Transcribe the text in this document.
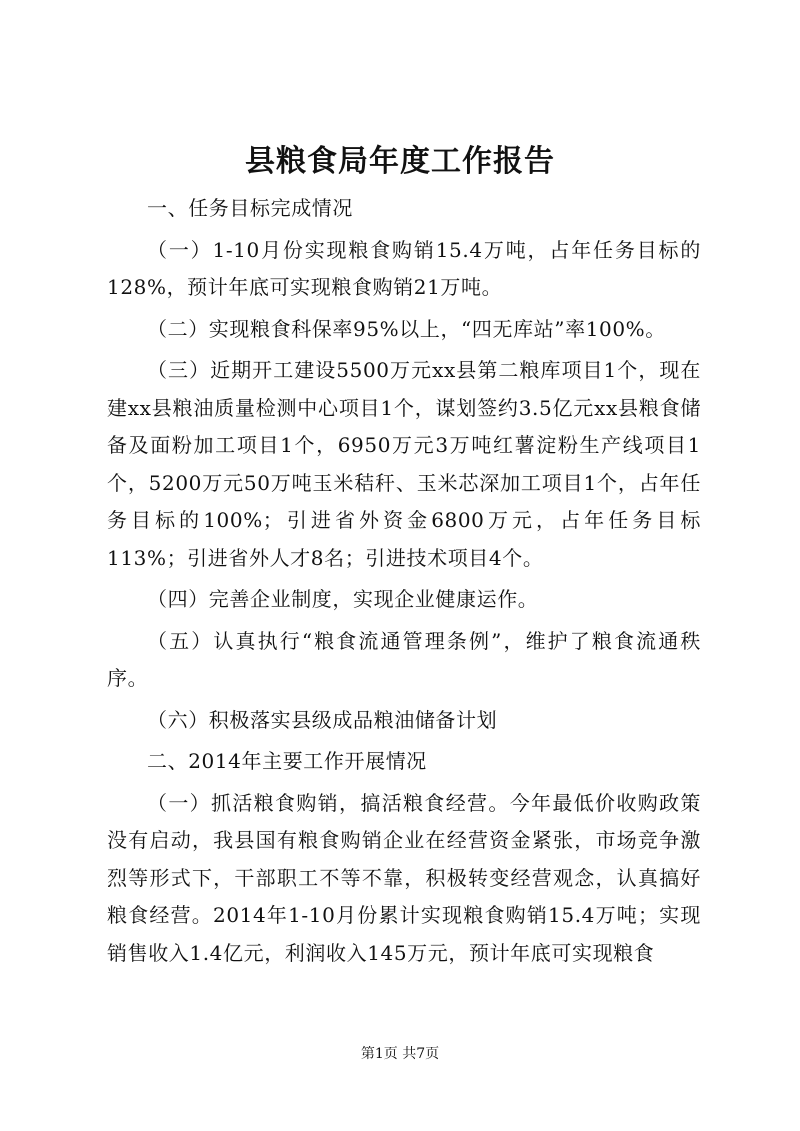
县粮食局年度工作报告

一、任务目标完成情况

（一）1-10月份实现粮食购销15.4万吨，占年任务目标的128%，预计年底可实现粮食购销21万吨。

（二）实现粮食科保率95%以上，“四无库站”率100%。

（三）近期开工建设5500万元xx县第二粮库项目1个，现在建xx县粮油质量检测中心项目1个，谋划签约3.5亿元xx县粮食储备及面粉加工项目1个，6950万元3万吨红薯淀粉生产线项目1个，5200万元50万吨玉米秸秆、玉米芯深加工项目1个，占年任务目标的100%；引进省外资金6800万元，占年任务目标113%；引进省外人才8名；引进技术项目4个。

（四）完善企业制度，实现企业健康运作。

（五）认真执行“粮食流通管理条例”，维护了粮食流通秩序。

（六）积极落实县级成品粮油储备计划

二、2014年主要工作开展情况

（一）抓活粮食购销，搞活粮食经营。今年最低价收购政策没有启动，我县国有粮食购销企业在经营资金紧张，市场竞争激烈等形式下，干部职工不等不靠，积极转变经营观念，认真搞好粮食经营。2014年1-10月份累计实现粮食购销15.4万吨；实现销售收入1.4亿元，利润收入145万元，预计年底可实现粮食

第1页 共7页
